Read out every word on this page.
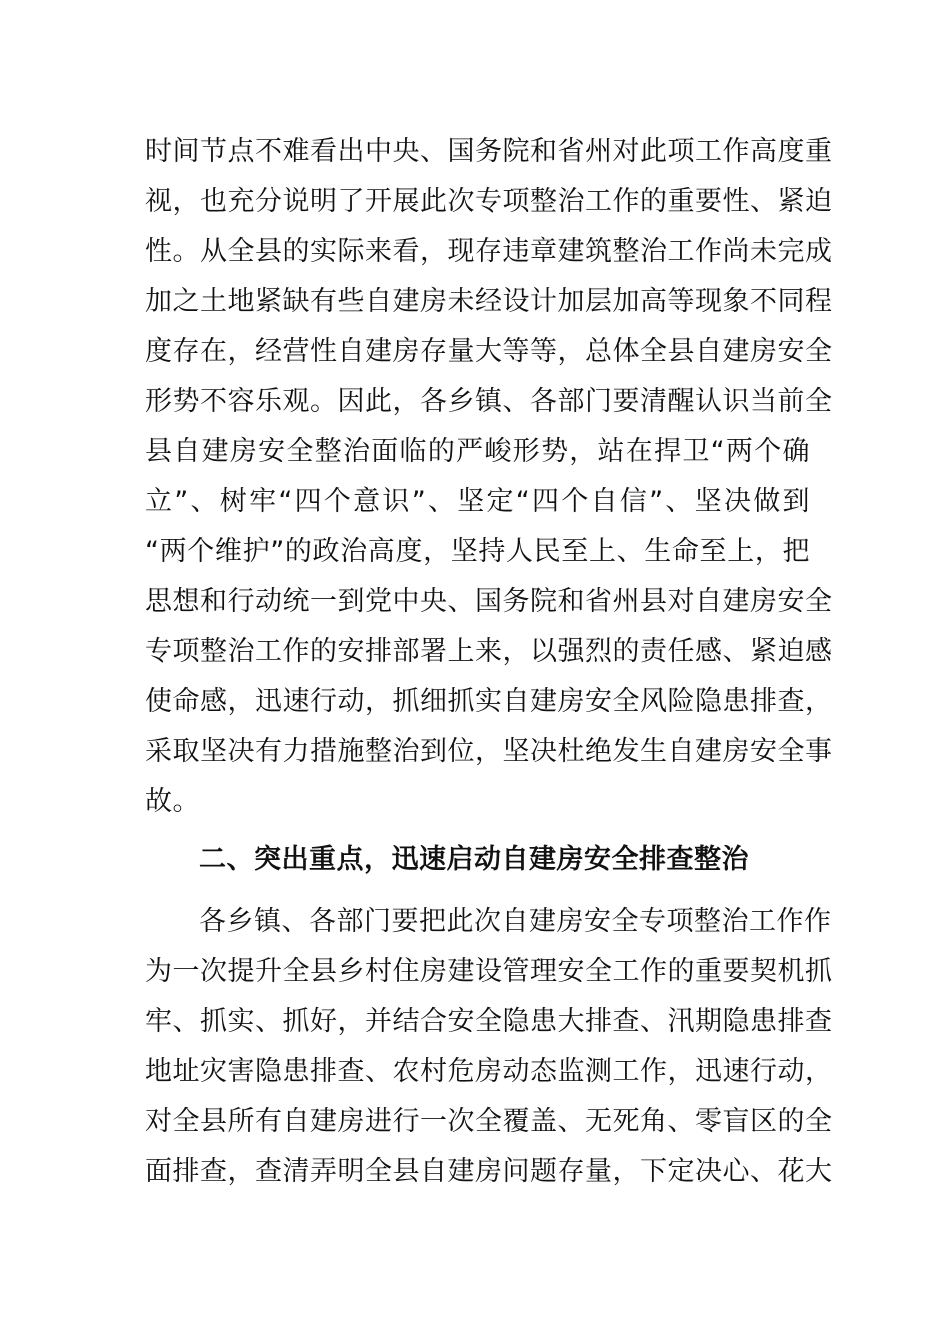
时间节点不难看出中央、国务院和省州对此项工作高度重
视，也充分说明了开展此次专项整治工作的重要性、紧迫
性。从全县的实际来看，现存违章建筑整治工作尚未完成
加之土地紧缺有些自建房未经设计加层加高等现象不同程
度存在，经营性自建房存量大等等，总体全县自建房安全
形势不容乐观。因此，各乡镇、各部门要清醒认识当前全
县自建房安全整治面临的严峻形势，站在捍卫“两个确
立”、树牢“四个意识”、坚定“四个自信”、坚决做到
“两个维护”的政治高度，坚持人民至上、生命至上，把
思想和行动统一到党中央、国务院和省州县对自建房安全
专项整治工作的安排部署上来，以强烈的责任感、紧迫感
使命感，迅速行动，抓细抓实自建房安全风险隐患排查，
采取坚决有力措施整治到位，坚决杜绝发生自建房安全事
故。
二、突出重点，迅速启动自建房安全排查整治
各乡镇、各部门要把此次自建房安全专项整治工作作
为一次提升全县乡村住房建设管理安全工作的重要契机抓
牢、抓实、抓好，并结合安全隐患大排查、汛期隐患排查
地址灾害隐患排查、农村危房动态监测工作，迅速行动，
对全县所有自建房进行一次全覆盖、无死角、零盲区的全
面排查，查清弄明全县自建房问题存量，下定决心、花大
